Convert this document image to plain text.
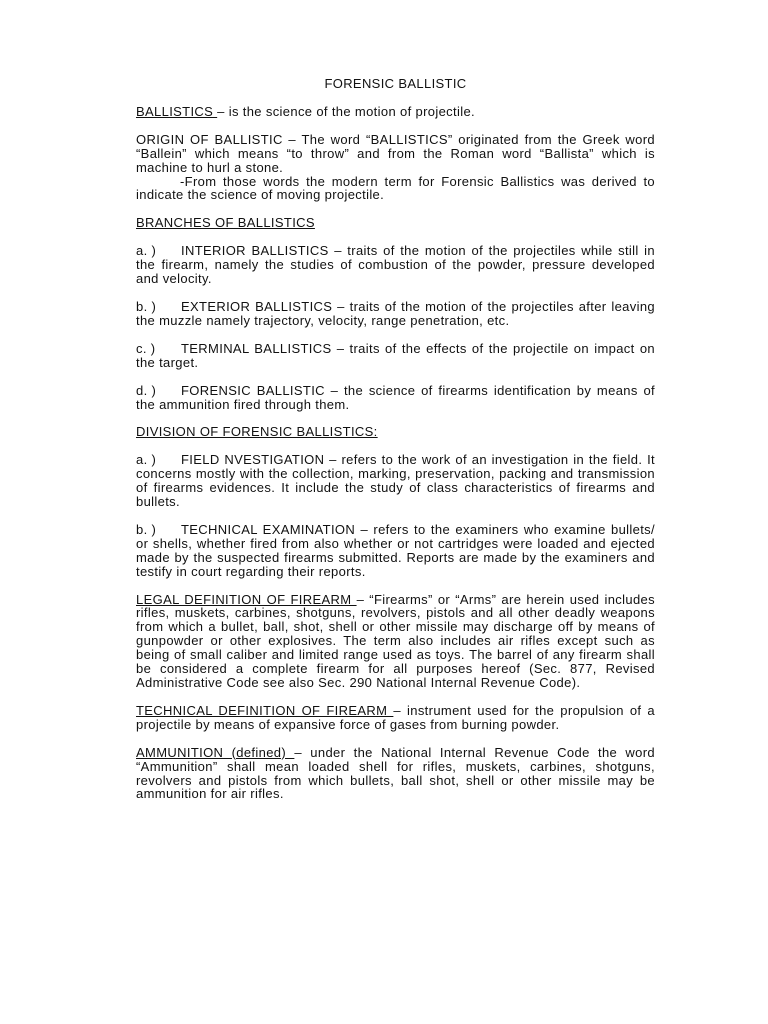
FORENSIC BALLISTIC

BALLISTICS – is the science of the motion of projectile.

ORIGIN OF BALLISTIC – The word “BALLISTICS” originated from the Greek word “Ballein” which means “to throw” and from the Roman word “Ballista” which is machine to hurl a stone.
-From those words the modern term for Forensic Ballistics was derived to indicate the science of moving projectile.

BRANCHES OF BALLISTICS

a. ) INTERIOR BALLISTICS – traits of the motion of the projectiles while still in the firearm, namely the studies of combustion of the powder, pressure developed and velocity.

b. ) EXTERIOR BALLISTICS – traits of the motion of the projectiles after leaving the muzzle namely trajectory, velocity, range penetration, etc.

c. ) TERMINAL BALLISTICS – traits of the effects of the projectile on impact on the target.

d. ) FORENSIC BALLISTIC – the science of firearms identification by means of the ammunition fired through them.

DIVISION OF FORENSIC BALLISTICS:

a. ) FIELD NVESTIGATION – refers to the work of an investigation in the field. It concerns mostly with the collection, marking, preservation, packing and transmission of firearms evidences. It include the study of class characteristics of firearms and bullets.

b. ) TECHNICAL EXAMINATION – refers to the examiners who examine bullets/ or shells, whether fired from also whether or not cartridges were loaded and ejected made by the suspected firearms submitted. Reports are made by the examiners and testify in court regarding their reports.

LEGAL DEFINITION OF FIREARM – “Firearms” or “Arms” are herein used includes rifles, muskets, carbines, shotguns, revolvers, pistols and all other deadly weapons from which a bullet, ball, shot, shell or other missile may discharge off by means of gunpowder or other explosives. The term also includes air rifles except such as being of small caliber and limited range used as toys. The barrel of any firearm shall be considered a complete firearm for all purposes hereof (Sec. 877, Revised Administrative Code see also Sec. 290 National Internal Revenue Code).

TECHNICAL DEFINITION OF FIREARM – instrument used for the propulsion of a projectile by means of expansive force of gases from burning powder.

AMMUNITION (defined) – under the National Internal Revenue Code the word “Ammunition” shall mean loaded shell for rifles, muskets, carbines, shotguns, revolvers and pistols from which bullets, ball shot, shell or other missile may be ammunition for air rifles.
